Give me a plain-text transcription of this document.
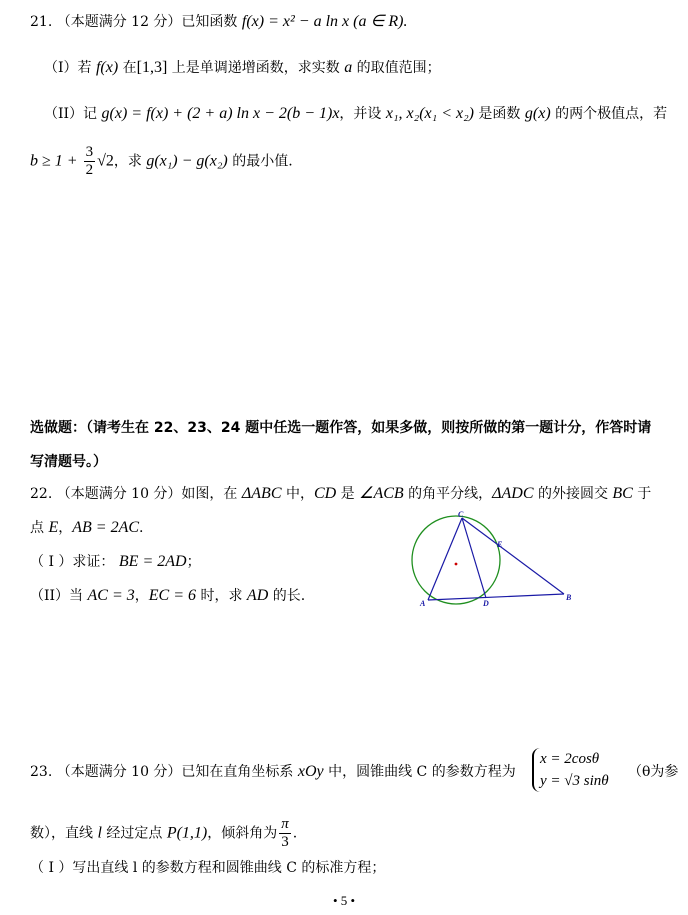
21. （本题满分 12 分）已知函数 f(x) = x² − a ln x (a ∈ R).
（I）若 f(x) 在[1,3] 上是单调递增函数，求实数 a 的取值范围；
（II）记 g(x) = f(x) + (2 + a) ln x − 2(b − 1)x，并设 x₁, x₂(x₁ < x₂) 是函数 g(x) 的两个极值点，若
$b \ge 1 + \frac{3}{2} √2$，求 g(x₁) − g(x₂) 的最小值.
选做题：（请考生在 22、23、24 题中任选一题作答，如果多做，则按所做的第一题计分，作答时请
写清题号。）
22. （本题满分 10 分）如图，在 ΔABC 中，CD 是 ∠ACB 的角平分线，ΔADC 的外接圆交 BC 于
点 E，AB = 2AC.
（ I ）求证： BE = 2AD；
（II）当 AC = 3，EC = 6 时，求 AD 的长.
C
E
A	D
B
23. （本题满分 10 分）已知在直角坐标系 xOy 中，圆锥曲线 C 的参数方程为
x = 2cosθ
y = √3 sinθ
（θ为参
数），直线 l 经过定点 P(1,1)，倾斜角为 $\frac{\pi}{3}$ .
（ I ）写出直线 l 的参数方程和圆锥曲线 C 的标准方程；
• 5 •
